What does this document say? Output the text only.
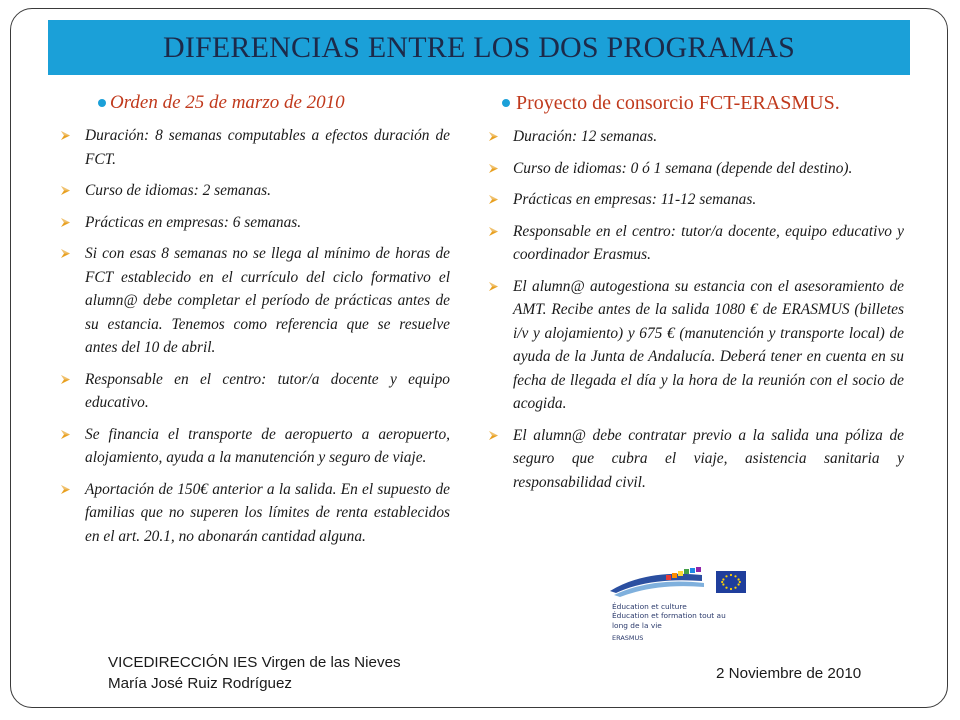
DIFERENCIAS ENTRE LOS DOS PROGRAMAS
Orden de 25 de marzo de 2010
Duración: 8 semanas computables a efectos duración de FCT.
Curso de idiomas: 2 semanas.
Prácticas en empresas: 6 semanas.
Si con esas 8 semanas no se llega al mínimo de horas de FCT establecido en el currículo del ciclo formativo el alumn@ debe completar el período de prácticas antes de su estancia. Tenemos como referencia que se resuelve antes del 10 de abril.
Responsable en el centro: tutor/a docente y equipo educativo.
Se financia el transporte de aeropuerto a aeropuerto, alojamiento, ayuda a la manutención y seguro de viaje.
Aportación de 150€ anterior a la salida. En el supuesto de familias que no superen los límites de renta establecidos en el art. 20.1, no abonarán cantidad alguna.
Proyecto de consorcio FCT-ERASMUS.
Duración: 12 semanas.
Curso de idiomas: 0 ó 1 semana (depende del destino).
Prácticas en empresas: 11-12 semanas.
Responsable en el centro: tutor/a docente, equipo educativo y coordinador Erasmus.
El alumn@ autogestiona su estancia con el asesoramiento de AMT. Recibe antes de la salida 1080 € de ERASMUS (billetes i/v y alojamiento) y 675 € (manutención y transporte local) de ayuda de la Junta de Andalucía. Deberá tener en cuenta en su fecha de llegada el día y la hora de la reunión con el socio de acogida.
El alumn@ debe contratar previo a la salida una póliza de seguro que cubra el viaje, asistencia sanitaria y responsabilidad civil.
Éducation et culture
Éducation et formation tout au
long de la vie
ERASMUS
VICEDIRECCIÓN IES Virgen de las Nieves
María José Ruiz Rodríguez
2 Noviembre de 2010
